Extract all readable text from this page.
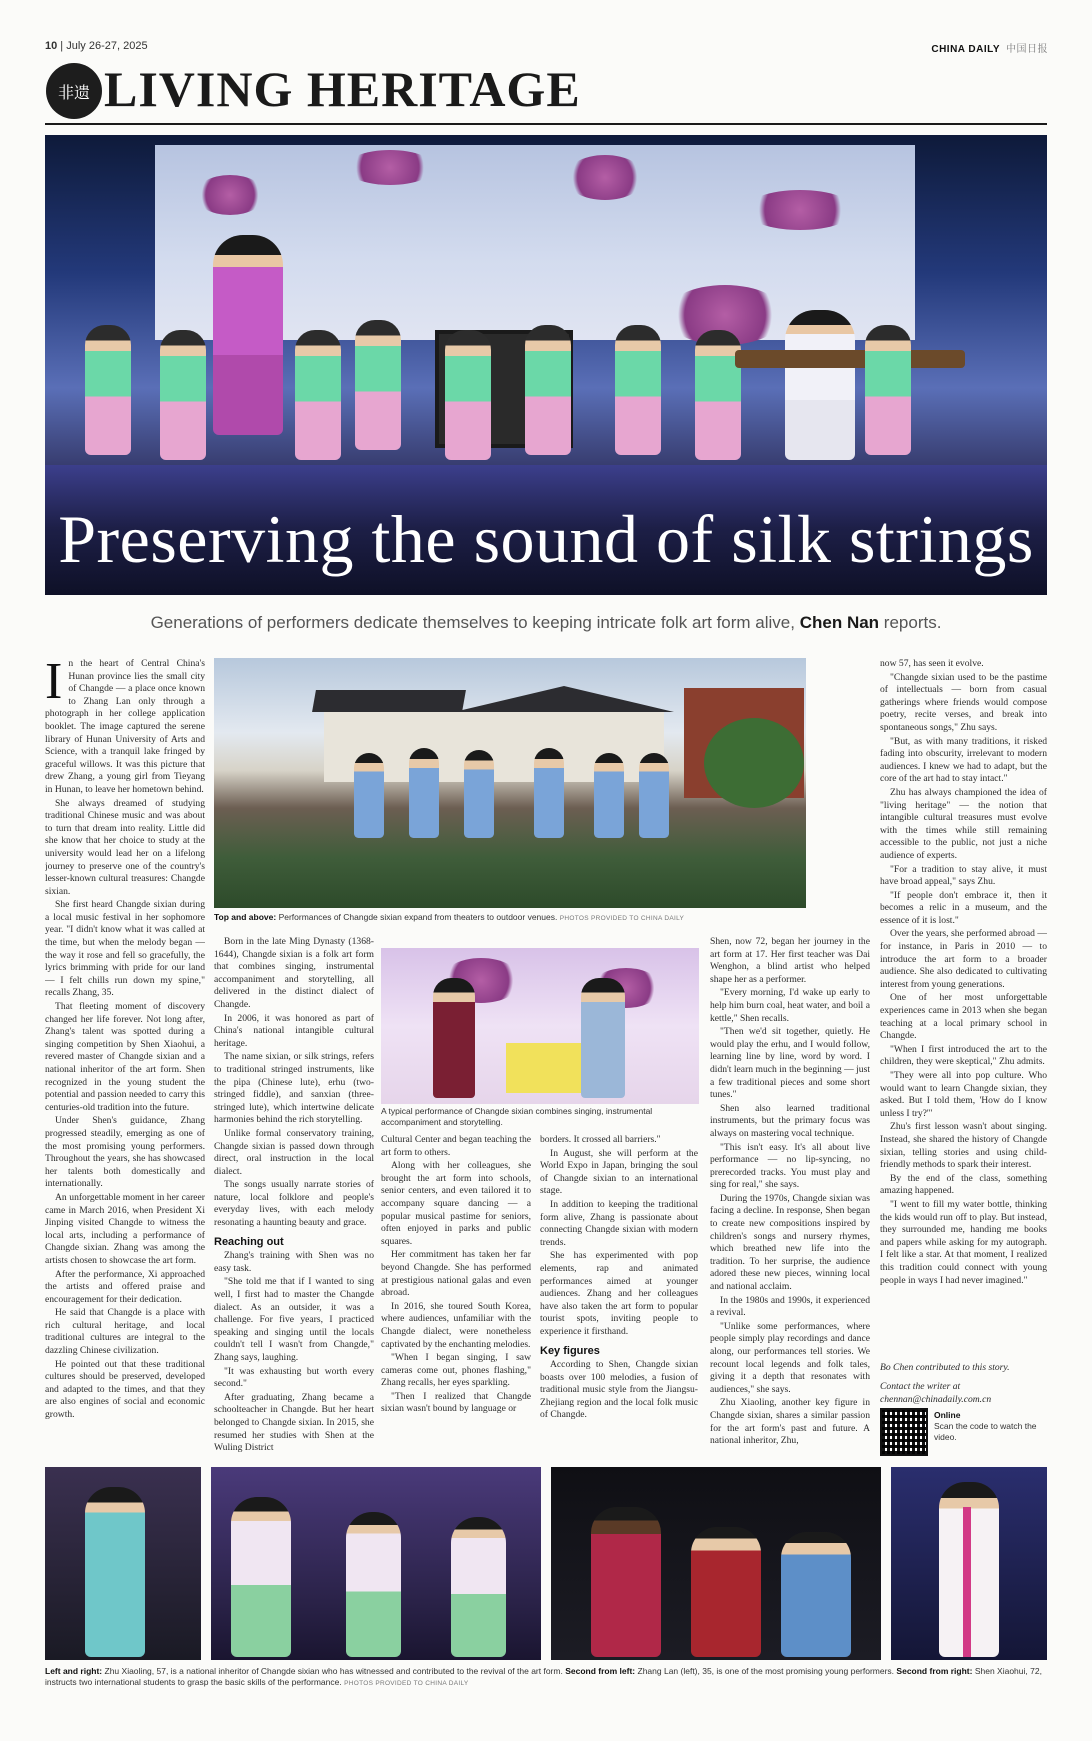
10 | July 26-27, 2025	CHINA DAILY 中国日报
非遗 LIVING HERITAGE
Preserving the sound of silk strings
Generations of performers dedicate themselves to keeping intricate folk art form alive, Chen Nan reports.
I n the heart of Central China's Hunan province lies the small city of Changde — a place once known to Zhang Lan only through a photograph in her college application booklet. The image captured the serene library of Hunan University of Arts and Science, with a tranquil lake fringed by graceful willows. It was this picture that drew Zhang, a young girl from Tieyang in Hunan, to leave her hometown behind.

She always dreamed of studying traditional Chinese music and was about to turn that dream into reality. Little did she know that her choice to study at the university would lead her on a lifelong journey to preserve one of the country's lesser-known cultural treasures: Changde sixian.

She first heard Changde sixian during a local music festival in her sophomore year. "I didn't know what it was called at the time, but when the melody began — the way it rose and fell so gracefully, the lyrics brimming with pride for our land — I felt chills run down my spine," recalls Zhang, 35.

That fleeting moment of discovery changed her life forever. Not long after, Zhang's talent was spotted during a singing competition by Shen Xiaohui, a revered master of Changde sixian and a national inheritor of the art form. Shen recognized in the young student the potential and passion needed to carry this centuries-old tradition into the future.

Under Shen's guidance, Zhang progressed steadily, emerging as one of the most promising young performers. Throughout the years, she has showcased her talents both domestically and internationally.

An unforgettable moment in her career came in March 2016, when President Xi Jinping visited Changde to witness the local arts, including a performance of Changde sixian. Zhang was among the artists chosen to showcase the art form.

After the performance, Xi approached the artists and offered praise and encouragement for their dedication.

He said that Changde is a place with rich cultural heritage, and local traditional cultures are integral to the dazzling Chinese civilization.

He pointed out that these traditional cultures should be preserved, developed and adapted to the times, and that they are also engines of social and economic growth.

Top and above: Performances of Changde sixian expand from theaters to outdoor venues. PHOTOS PROVIDED TO CHINA DAILY

Born in the late Ming Dynasty (1368-1644), Changde sixian is a folk art form that combines singing, instrumental accompaniment and storytelling, all delivered in the distinct dialect of Changde.

In 2006, it was honored as part of China's national intangible cultural heritage.

The name sixian, or silk strings, refers to traditional stringed instruments, like the pipa (Chinese lute), erhu (two-stringed fiddle), and sanxian (three-stringed lute), which intertwine delicate harmonies behind the rich storytelling.

Unlike formal conservatory training, Changde sixian is passed down through direct, oral instruction in the local dialect.

The songs usually narrate stories of nature, local folklore and people's everyday lives, with each melody resonating a haunting beauty and grace.

Reaching out

Zhang's training with Shen was no easy task.

"She told me that if I wanted to sing well, I first had to master the Changde dialect. As an outsider, it was a challenge. For five years, I practiced speaking and singing until the locals couldn't tell I wasn't from Changde," Zhang says, laughing.

"It was exhausting but worth every second."

After graduating, Zhang became a schoolteacher in Changde. But her heart belonged to Changde sixian. In 2015, she resumed her studies with Shen at the Wuling District

A typical performance of Changde sixian combines singing, instrumental accompaniment and storytelling.

Cultural Center and began teaching the art form to others.

Along with her colleagues, she brought the art form into schools, senior centers, and even tailored it to accompany square dancing — a popular musical pastime for seniors, often enjoyed in parks and public squares.

Her commitment has taken her far beyond Changde. She has performed at prestigious national galas and even abroad.

In 2016, she toured South Korea, where audiences, unfamiliar with the Changde dialect, were nonetheless captivated by the enchanting melodies.

"When I began singing, I saw cameras come out, phones flashing," Zhang recalls, her eyes sparkling.

"Then I realized that Changde sixian wasn't bound by language or

borders. It crossed all barriers."

In August, she will perform at the World Expo in Japan, bringing the soul of Changde sixian to an international stage.

In addition to keeping the traditional form alive, Zhang is passionate about connecting Changde sixian with modern trends.

She has experimented with pop elements, rap and animated performances aimed at younger audiences. Zhang and her colleagues have also taken the art form to popular tourist spots, inviting people to experience it firsthand.

Key figures

According to Shen, Changde sixian boasts over 100 melodies, a fusion of traditional music style from the Jiangsu-Zhejiang region and the local folk music of Changde.

Shen, now 72, began her journey in the art form at 17. Her first teacher was Dai Wenghon, a blind artist who helped shape her as a performer.

"Every morning, I'd wake up early to help him burn coal, heat water, and boil a kettle," Shen recalls.

"Then we'd sit together, quietly. He would play the erhu, and I would follow, learning line by line, word by word. I didn't learn much in the beginning — just a few traditional pieces and some short tunes."

Shen also learned traditional instruments, but the primary focus was always on mastering vocal technique.

"This isn't easy. It's all about live performance — no lip-syncing, no prerecorded tracks. You must play and sing for real," she says.

During the 1970s, Changde sixian was facing a decline. In response, Shen began to create new compositions inspired by children's songs and nursery rhymes, which breathed new life into the tradition. To her surprise, the audience adored these new pieces, winning local and national acclaim.

In the 1980s and 1990s, it experienced a revival.

"Unlike some performances, where people simply play recordings and dance along, our performances tell stories. We recount local legends and folk tales, giving it a depth that resonates with audiences," she says.

Zhu Xiaoling, another key figure in Changde sixian, shares a similar passion for the art form's past and future. A national inheritor, Zhu,

now 57, has seen it evolve.

"Changde sixian used to be the pastime of intellectuals — born from casual gatherings where friends would compose poetry, recite verses, and break into spontaneous songs," Zhu says.

"But, as with many traditions, it risked fading into obscurity, irrelevant to modern audiences. I knew we had to adapt, but the core of the art had to stay intact."

Zhu has always championed the idea of "living heritage" — the notion that intangible cultural treasures must evolve with the times while still remaining accessible to the public, not just a niche audience of experts.

"For a tradition to stay alive, it must have broad appeal," says Zhu.

"If people don't embrace it, then it becomes a relic in a museum, and the essence of it is lost."

Over the years, she performed abroad — for instance, in Paris in 2010 — to introduce the art form to a broader audience. She also dedicated to cultivating interest from young generations.

One of her most unforgettable experiences came in 2013 when she began teaching at a local primary school in Changde.

"When I first introduced the art to the children, they were skeptical," Zhu admits.

"They were all into pop culture. Who would want to learn Changde sixian, they asked. But I told them, 'How do I know unless I try?'"

Zhu's first lesson wasn't about singing. Instead, she shared the history of Changde sixian, telling stories and using child-friendly methods to spark their interest.

By the end of the class, something amazing happened.

"I went to fill my water bottle, thinking the kids would run off to play. But instead, they surrounded me, handing me books and papers while asking for my autograph. I felt like a star. At that moment, I realized this tradition could connect with young people in ways I had never imagined."

Bo Chen contributed to this story.

Contact the writer at

chennan@chinadaily.com.cn

Online
Scan the code to watch the video.
Left and right: Zhu Xiaoling, 57, is a national inheritor of Changde sixian who has witnessed and contributed to the revival of the art form. Second from left: Zhang Lan (left), 35, is one of the most promising young performers. Second from right: Shen Xiaohui, 72, instructs two international students to grasp the basic skills of the performance. PHOTOS PROVIDED TO CHINA DAILY
